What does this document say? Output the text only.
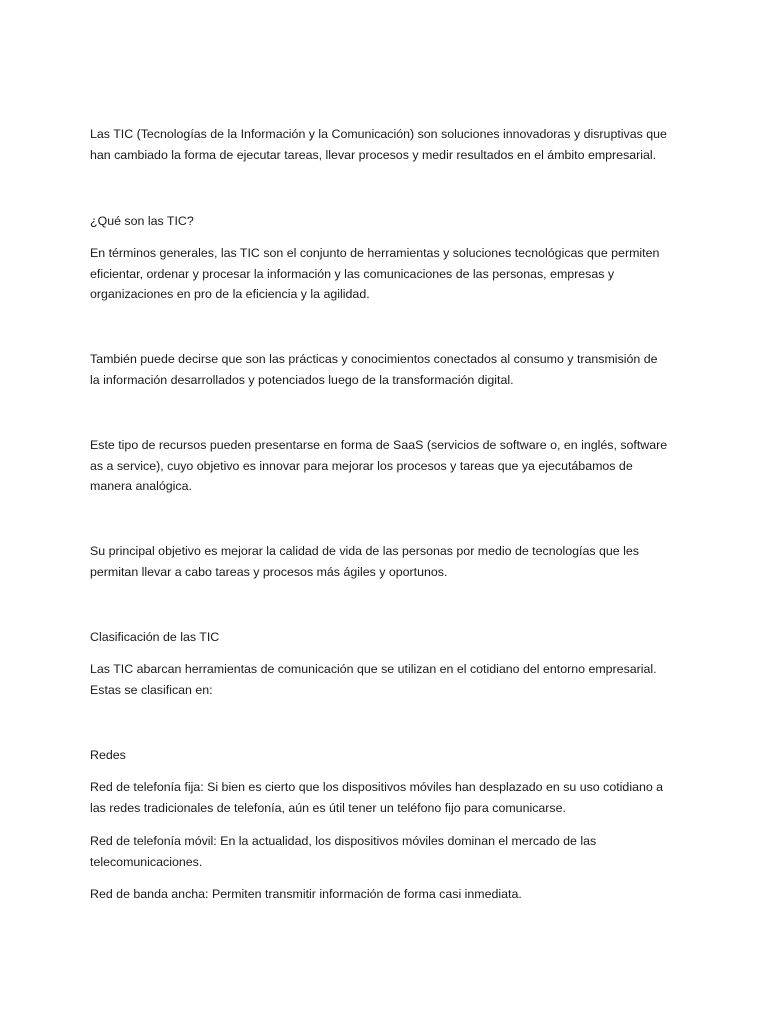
Las TIC (Tecnologías de la Información y la Comunicación) son soluciones innovadoras y disruptivas que
han cambiado la forma de ejecutar tareas, llevar procesos y medir resultados en el ámbito empresarial.

¿Qué son las TIC?

En términos generales, las TIC son el conjunto de herramientas y soluciones tecnológicas que permiten
eficientar, ordenar y procesar la información y las comunicaciones de las personas, empresas y
organizaciones en pro de la eficiencia y la agilidad.

También puede decirse que son las prácticas y conocimientos conectados al consumo y transmisión de
la información desarrollados y potenciados luego de la transformación digital.

Este tipo de recursos pueden presentarse en forma de SaaS (servicios de software o, en inglés, software
as a service), cuyo objetivo es innovar para mejorar los procesos y tareas que ya ejecutábamos de
manera analógica.

Su principal objetivo es mejorar la calidad de vida de las personas por medio de tecnologías que les
permitan llevar a cabo tareas y procesos más ágiles y oportunos.

Clasificación de las TIC

Las TIC abarcan herramientas de comunicación que se utilizan en el cotidiano del entorno empresarial.
Estas se clasifican en:

Redes

Red de telefonía fija: Si bien es cierto que los dispositivos móviles han desplazado en su uso cotidiano a
las redes tradicionales de telefonía, aún es útil tener un teléfono fijo para comunicarse.

Red de telefonía móvil: En la actualidad, los dispositivos móviles dominan el mercado de las
telecomunicaciones.

Red de banda ancha: Permiten transmitir información de forma casi inmediata.
